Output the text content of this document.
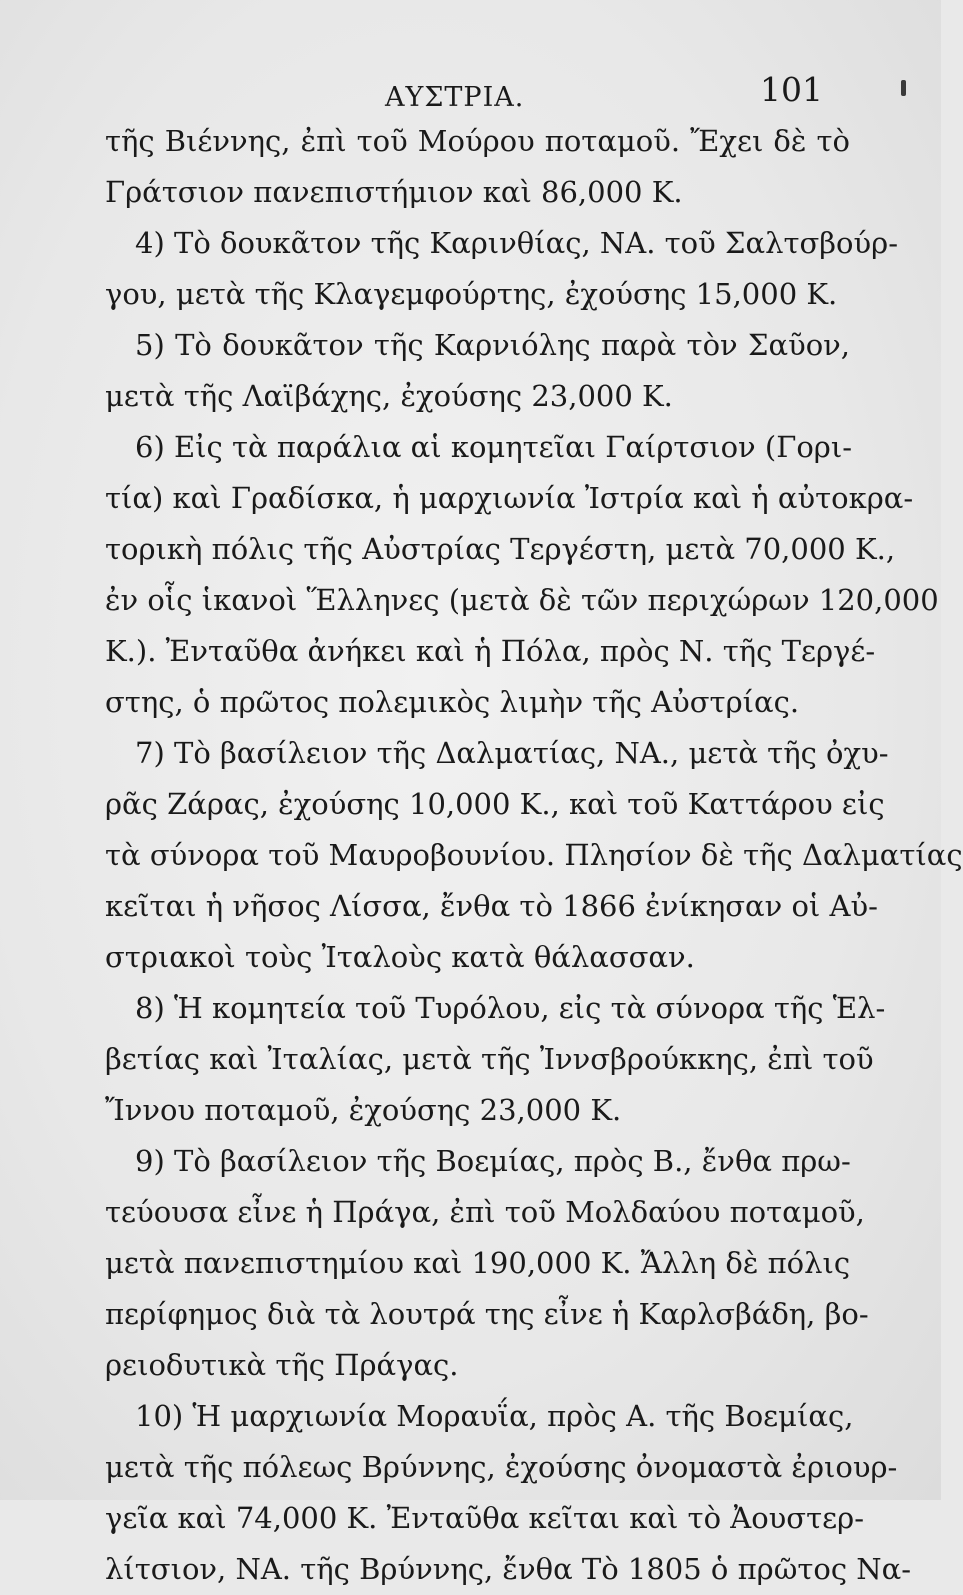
ΑΥΣΤΡΙΑ.	101
τῆς Βιέννης, ἐπὶ τοῦ Μούρου ποταμοῦ. Ἔχει δὲ τὸ
Γράτσιον πανεπιστήμιον καὶ 86,000 Κ.
4) Τὸ δουκᾶτον τῆς Καρινθίας, ΝΑ. τοῦ Σαλτσβούρ-
γου, μετὰ τῆς Κλαγεμφούρτης, ἐχούσης 15,000 Κ.
5) Τὸ δουκᾶτον τῆς Καρνιόλης παρὰ τὸν Σαῦον,
μετὰ τῆς Λαϊβάχης, ἐχούσης 23,000 Κ.
6) Εἰς τὰ παράλια αἱ κομητεῖαι Γαίρτσιον (Γορι-
τία) καὶ Γραδίσκα, ἡ μαρχιωνία Ἰστρία καὶ ἡ αὐτοκρα-
τορικὴ πόλις τῆς Αὐστρίας Τεργέστη, μετὰ 70,000 Κ.,
ἐν οἷς ἱκανοὶ Ἕλληνες (μετὰ δὲ τῶν περιχώρων 120,000
Κ.). Ἐνταῦθα ἀνήκει καὶ ἡ Πόλα, πρὸς Ν. τῆς Τεργέ-
στης, ὁ πρῶτος πολεμικὸς λιμὴν τῆς Αὐστρίας.
7) Τὸ βασίλειον τῆς Δαλματίας, ΝΑ., μετὰ τῆς ὀχυ-
ρᾶς Ζάρας, ἐχούσης 10,000 Κ., καὶ τοῦ Καττάρου εἰς
τὰ σύνορα τοῦ Μαυροβουνίου. Πλησίον δὲ τῆς Δαλματίας
κεῖται ἡ νῆσος Λίσσα, ἔνθα τὸ 1866 ἐνίκησαν οἱ Αὐ-
στριακοὶ τοὺς Ἰταλοὺς κατὰ θάλασσαν.
8) Ἡ κομητεία τοῦ Τυρόλου, εἰς τὰ σύνορα τῆς Ἑλ-
βετίας καὶ Ἰταλίας, μετὰ τῆς Ἰννσβρούκκης, ἐπὶ τοῦ
Ἴννου ποταμοῦ, ἐχούσης 23,000 Κ.
9) Τὸ βασίλειον τῆς Βοεμίας, πρὸς Β., ἔνθα πρω-
τεύουσα εἶνε ἡ Πράγα, ἐπὶ τοῦ Μολδαύου ποταμοῦ,
μετὰ πανεπιστημίου καὶ 190,000 Κ. Ἄλλη δὲ πόλις
περίφημος διὰ τὰ λουτρά της εἶνε ἡ Καρλσβάδη, βο-
ρειοδυτικὰ τῆς Πράγας.
10) Ἡ μαρχιωνία Μοραυΐα, πρὸς Α. τῆς Βοεμίας,
μετὰ τῆς πόλεως Βρύννης, ἐχούσης ὀνομαστὰ ἐριουρ-
γεῖα καὶ 74,000 Κ. Ἐνταῦθα κεῖται καὶ τὸ Ἀουστερ-
λίτσιον, ΝΑ. τῆς Βρύννης, ἔνθα Τὸ 1805 ὁ πρῶτος Να-
